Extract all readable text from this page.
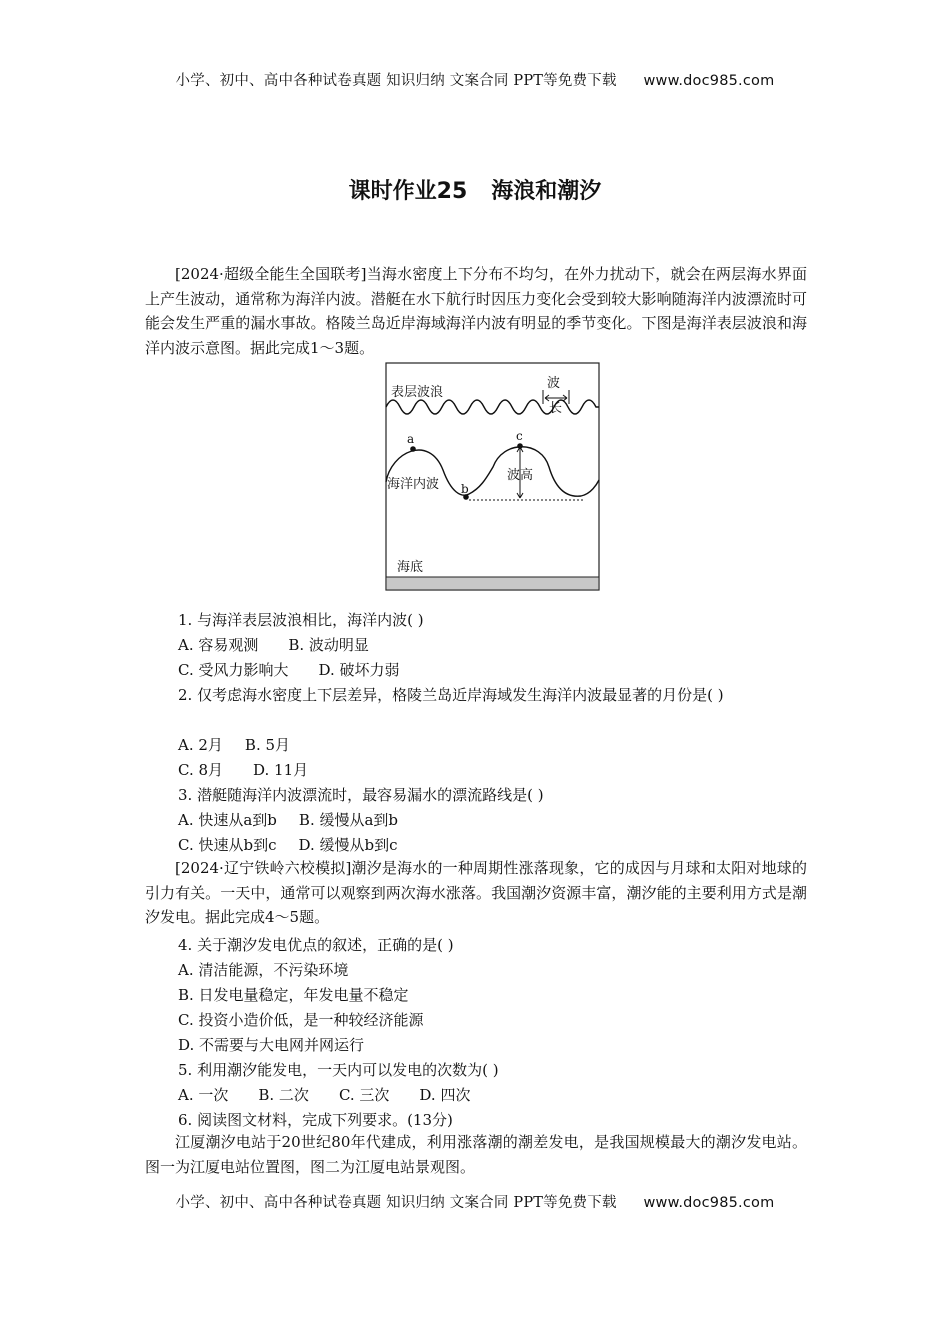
小学、初中、高中各种试卷真题 知识归纳 文案合同 PPT等免费下载 www.doc985.com
课时作业25 海浪和潮汐
[2024·超级全能生全国联考]当海水密度上下分布不均匀，在外力扰动下，就会在两层海水界面上产生波动，通常称为海洋内波。潜艇在水下航行时因压力变化会受到较大影响随海洋内波漂流时可能会发生严重的漏水事故。格陵兰岛近岸海域海洋内波有明显的季节变化。下图是海洋表层波浪和海洋内波示意图。据此完成1～3题。
表层波浪
波
长
a	c
海洋内波
波高
b
海底
1. 与海洋表层波浪相比，海洋内波( )
A. 容易观测 B. 波动明显
C. 受风力影响大 D. 破坏力弱
2. 仅考虑海水密度上下层差异，格陵兰岛近岸海域发生海洋内波最显著的月份是( )
A. 2月 B. 5月
C. 8月 D. 11月
3. 潜艇随海洋内波漂流时，最容易漏水的漂流路线是( )
A. 快速从a到b B. 缓慢从a到b
C. 快速从b到c D. 缓慢从b到c
[2024·辽宁铁岭六校模拟]潮汐是海水的一种周期性涨落现象，它的成因与月球和太阳对地球的引力有关。一天中，通常可以观察到两次海水涨落。我国潮汐资源丰富，潮汐能的主要利用方式是潮汐发电。据此完成4～5题。
4. 关于潮汐发电优点的叙述，正确的是( )
A. 清洁能源，不污染环境
B. 日发电量稳定，年发电量不稳定
C. 投资小造价低，是一种较经济能源
D. 不需要与大电网并网运行
5. 利用潮汐能发电，一天内可以发电的次数为( )
A. 一次 B. 二次 C. 三次 D. 四次
6. 阅读图文材料，完成下列要求。(13分)
江厦潮汐电站于20世纪80年代建成，利用涨落潮的潮差发电，是我国规模最大的潮汐发电站。图一为江厦电站位置图，图二为江厦电站景观图。
小学、初中、高中各种试卷真题 知识归纳 文案合同 PPT等免费下载 www.doc985.com
